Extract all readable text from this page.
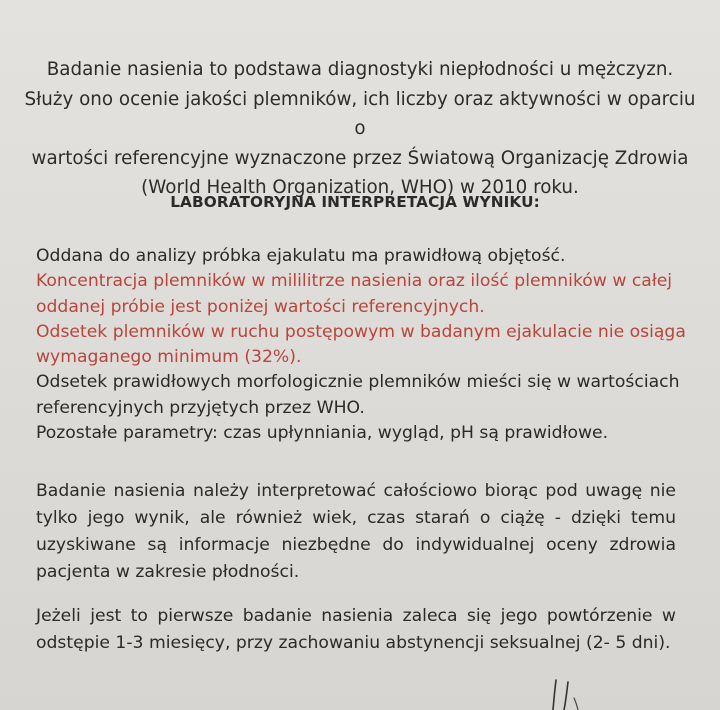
Badanie nasienia to podstawa diagnostyki niepłodności u mężczyzn.

Służy ono ocenie jakości plemników, ich liczby oraz aktywności w oparciu o

wartości referencyjne wyznaczone przez Światową Organizację Zdrowia

(World Health Organization, WHO) w 2010 roku.

LABORATORYJNA INTERPRETACJA WYNIKU:

Oddana do analizy próbka ejakulatu ma prawidłową objętość.

Koncentracja plemników w mililitrze nasienia oraz ilość plemników w całej oddanej próbie jest poniżej wartości referencyjnych.

Odsetek plemników w ruchu postępowym w badanym ejakulacie nie osiąga wymaganego minimum (32%).

Odsetek prawidłowych morfologicznie plemników mieści się w wartościach referencyjnych przyjętych przez WHO.

Pozostałe parametry: czas upłynniania, wygląd, pH są prawidłowe.

Badanie nasienia należy interpretować całościowo biorąc pod uwagę nie tylko jego wynik, ale również wiek, czas starań o ciążę - dzięki temu uzyskiwane są informacje niezbędne do indywidualnej oceny zdrowia pacjenta w zakresie płodności.

Jeżeli jest to pierwsze badanie nasienia zaleca się jego powtórzenie w odstępie 1-3 miesięcy, przy zachowaniu abstynencji seksualnej (2- 5 dni).
